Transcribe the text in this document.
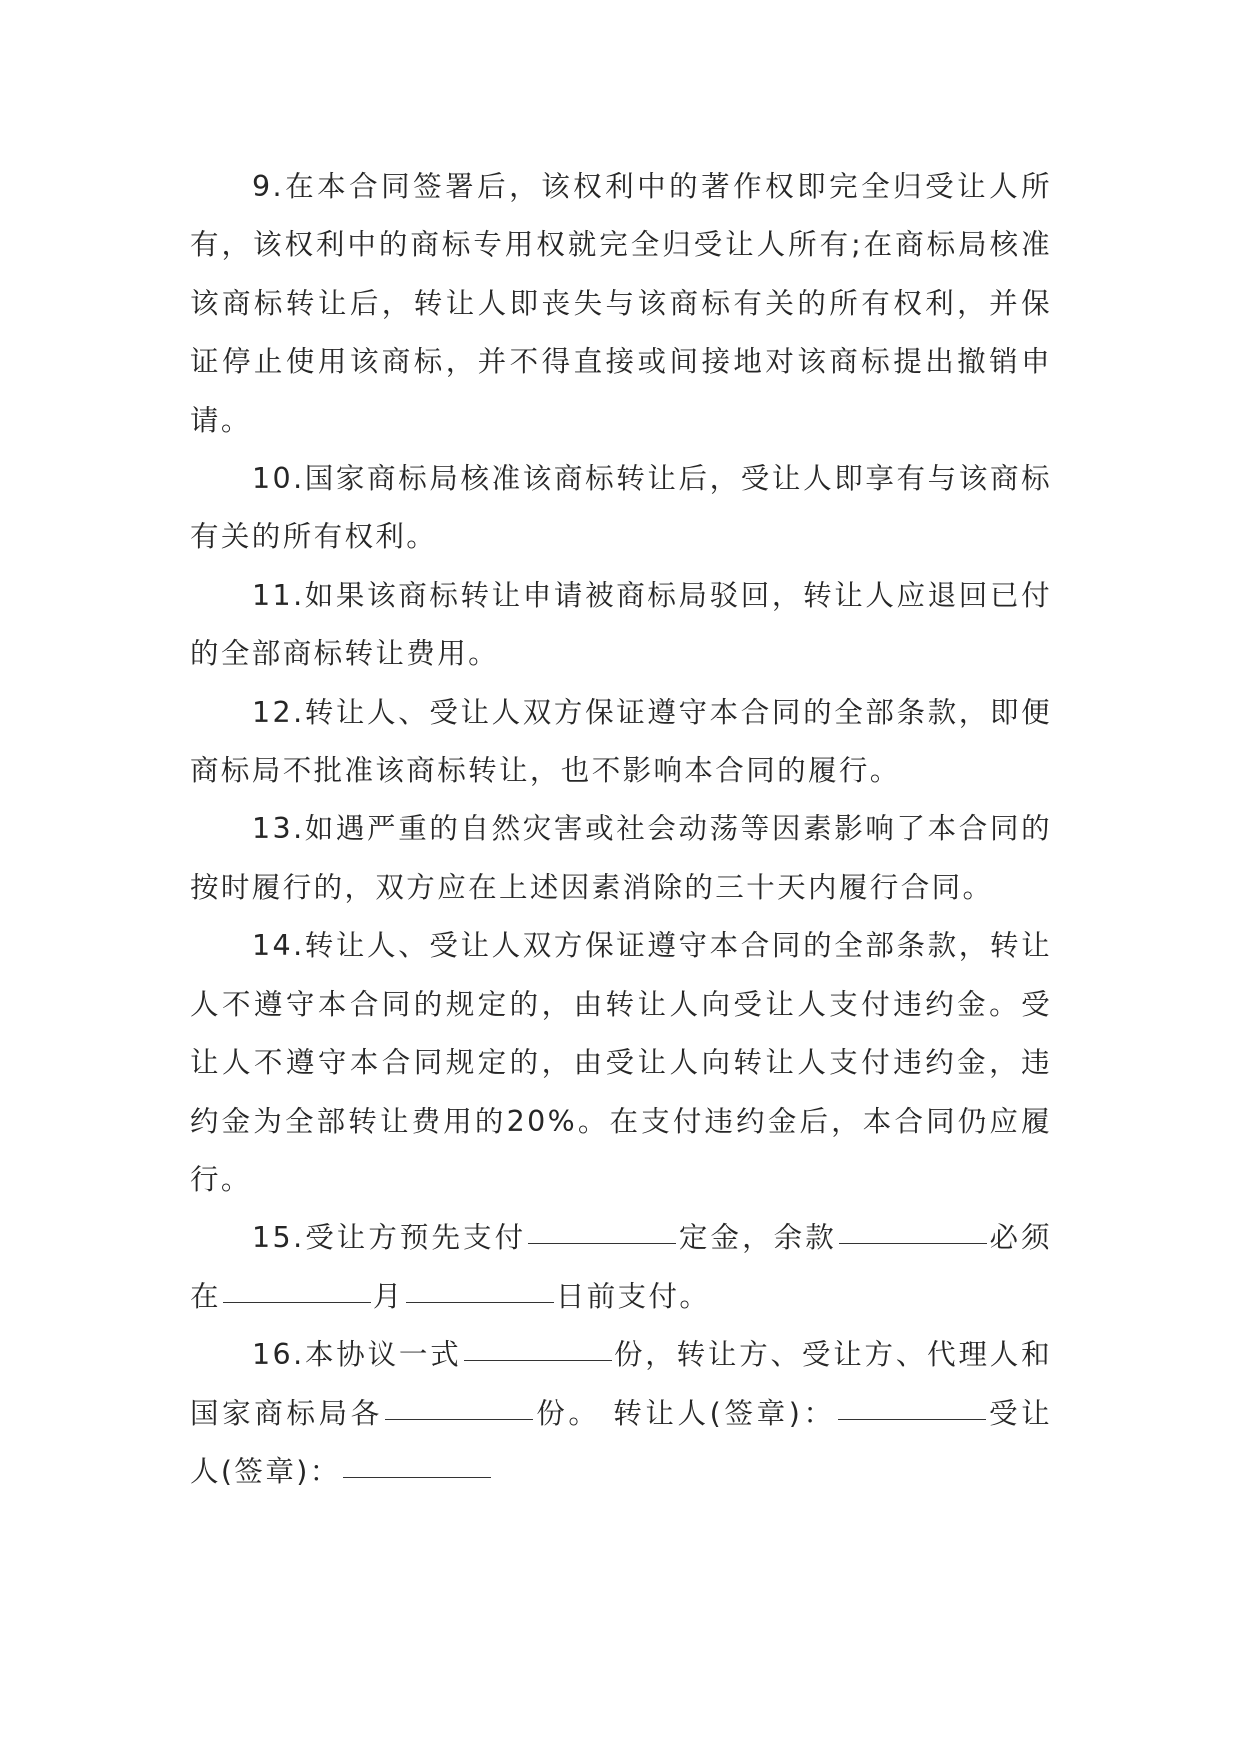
9.在本合同签署后，该权利中的著作权即完全归受让人所有，该权利中的商标专用权就完全归受让人所有;在商标局核准该商标转让后，转让人即丧失与该商标有关的所有权利，并保证停止使用该商标，并不得直接或间接地对该商标提出撤销申请。

10.国家商标局核准该商标转让后，受让人即享有与该商标有关的所有权利。

11.如果该商标转让申请被商标局驳回，转让人应退回已付的全部商标转让费用。

12.转让人、受让人双方保证遵守本合同的全部条款，即便商标局不批准该商标转让，也不影响本合同的履行。

13.如遇严重的自然灾害或社会动荡等因素影响了本合同的按时履行的，双方应在上述因素消除的三十天内履行合同。

14.转让人、受让人双方保证遵守本合同的全部条款，转让人不遵守本合同的规定的，由转让人向受让人支付违约金。受让人不遵守本合同规定的，由受让人向转让人支付违约金，违约金为全部转让费用的20%。在支付违约金后，本合同仍应履行。

15.受让方预先支付	定金，余款	必须在	月	日前支付。

16.本协议一式	份，转让方、受让方、代理人和国家商标局各	份。 转让人(签章)：	受让人(签章)：
